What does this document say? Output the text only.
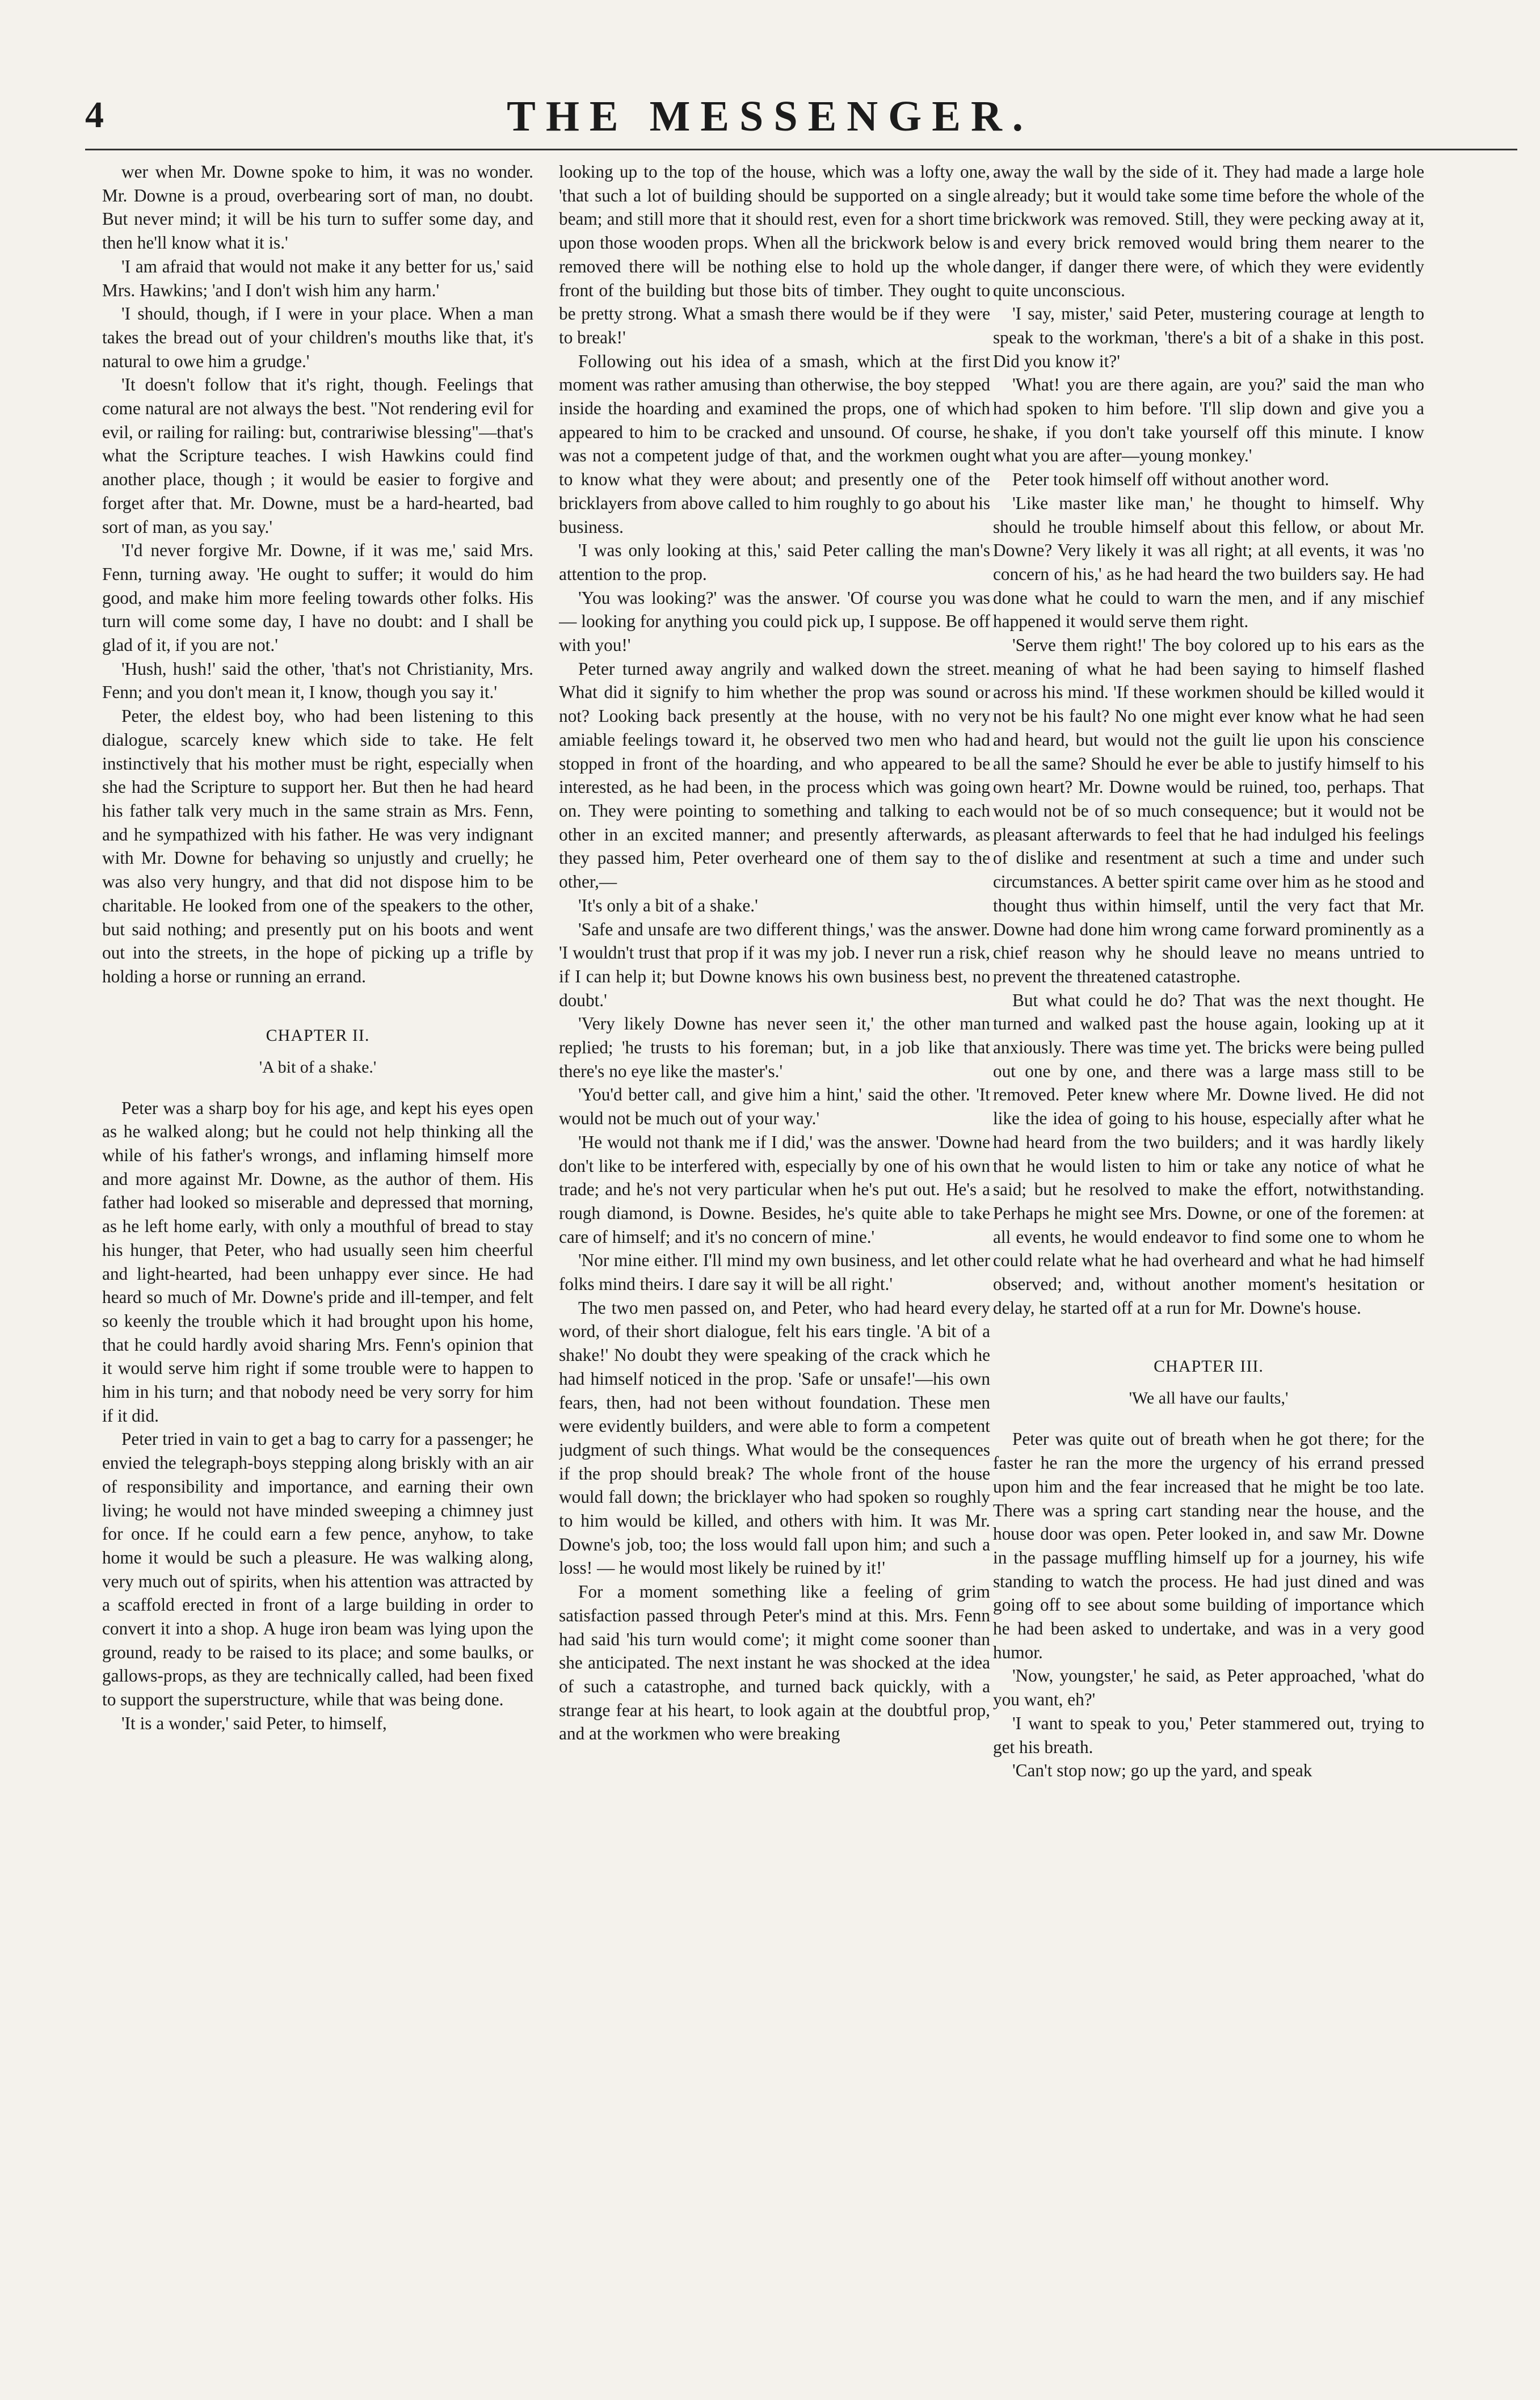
4	THE MESSENGER.

wer when Mr. Downe spoke to him, it was no wonder. Mr. Downe is a proud, overbearing sort of man, no doubt. But never mind; it will be his turn to suffer some day, and then he'll know what it is.'

'I am afraid that would not make it any better for us,' said Mrs. Hawkins; 'and I don't wish him any harm.'

'I should, though, if I were in your place. When a man takes the bread out of your children's mouths like that, it's natural to owe him a grudge.'

'It doesn't follow that it's right, though. Feelings that come natural are not always the best. "Not rendering evil for evil, or railing for railing: but, contrariwise blessing"—that's what the Scripture teaches. I wish Hawkins could find another place, though ; it would be easier to forgive and forget after that. Mr. Downe, must be a hard-hearted, bad sort of man, as you say.'

'I'd never forgive Mr. Downe, if it was me,' said Mrs. Fenn, turning away. 'He ought to suffer; it would do him good, and make him more feeling towards other folks. His turn will come some day, I have no doubt: and I shall be glad of it, if you are not.'

'Hush, hush!' said the other, 'that's not Christianity, Mrs. Fenn; and you don't mean it, I know, though you say it.'

Peter, the eldest boy, who had been listening to this dialogue, scarcely knew which side to take. He felt instinctively that his mother must be right, especially when she had the Scripture to support her. But then he had heard his father talk very much in the same strain as Mrs. Fenn, and he sympathized with his father. He was very indignant with Mr. Downe for behaving so unjustly and cruelly; he was also very hungry, and that did not dispose him to be charitable. He looked from one of the speakers to the other, but said nothing; and presently put on his boots and went out into the streets, in the hope of picking up a trifle by holding a horse or running an errand.

CHAPTER II.
'A bit of a shake.'

Peter was a sharp boy for his age, and kept his eyes open as he walked along; but he could not help thinking all the while of his father's wrongs, and inflaming himself more and more against Mr. Downe, as the author of them. His father had looked so miserable and depressed that morning, as he left home early, with only a mouthful of bread to stay his hunger, that Peter, who had usually seen him cheerful and light-hearted, had been unhappy ever since. He had heard so much of Mr. Downe's pride and ill-temper, and felt so keenly the trouble which it had brought upon his home, that he could hardly avoid sharing Mrs. Fenn's opinion that it would serve him right if some trouble were to happen to him in his turn; and that nobody need be very sorry for him if it did.

Peter tried in vain to get a bag to carry for a passenger; he envied the telegraph-boys stepping along briskly with an air of responsibility and importance, and earning their own living; he would not have minded sweeping a chimney just for once. If he could earn a few pence, anyhow, to take home it would be such a pleasure. He was walking along, very much out of spirits, when his attention was attracted by a scaffold erected in front of a large building in order to convert it into a shop. A huge iron beam was lying upon the ground, ready to be raised to its place; and some baulks, or gallows-props, as they are technically called, had been fixed to support the superstructure, while that was being done.

'It is a wonder,' said Peter, to himself,

looking up to the top of the house, which was a lofty one, 'that such a lot of building should be supported on a single beam; and still more that it should rest, even for a short time upon those wooden props. When all the brickwork below is removed there will be nothing else to hold up the whole front of the building but those bits of timber. They ought to be pretty strong. What a smash there would be if they were to break!'

Following out his idea of a smash, which at the first moment was rather amusing than otherwise, the boy stepped inside the hoarding and examined the props, one of which appeared to him to be cracked and unsound. Of course, he was not a competent judge of that, and the workmen ought to know what they were about; and presently one of the bricklayers from above called to him roughly to go about his business.

'I was only looking at this,' said Peter calling the man's attention to the prop.

'You was looking?' was the answer. 'Of course you was — looking for anything you could pick up, I suppose. Be off with you!'

Peter turned away angrily and walked down the street. What did it signify to him whether the prop was sound or not? Looking back presently at the house, with no very amiable feelings toward it, he observed two men who had stopped in front of the hoarding, and who appeared to be interested, as he had been, in the process which was going on. They were pointing to something and talking to each other in an excited manner; and presently afterwards, as they passed him, Peter overheard one of them say to the other,—

'It's only a bit of a shake.'

'Safe and unsafe are two different things,' was the answer. 'I wouldn't trust that prop if it was my job. I never run a risk, if I can help it; but Downe knows his own business best, no doubt.'

'Very likely Downe has never seen it,' the other man replied; 'he trusts to his foreman; but, in a job like that there's no eye like the master's.'

'You'd better call, and give him a hint,' said the other. 'It would not be much out of your way.'

'He would not thank me if I did,' was the answer. 'Downe don't like to be interfered with, especially by one of his own trade; and he's not very particular when he's put out. He's a rough diamond, is Downe. Besides, he's quite able to take care of himself; and it's no concern of mine.'

'Nor mine either. I'll mind my own business, and let other folks mind theirs. I dare say it will be all right.'

The two men passed on, and Peter, who had heard every word, of their short dialogue, felt his ears tingle. 'A bit of a shake!' No doubt they were speaking of the crack which he had himself noticed in the prop. 'Safe or unsafe!'—his own fears, then, had not been without foundation. These men were evidently builders, and were able to form a competent judgment of such things. What would be the consequences if the prop should break? The whole front of the house would fall down; the bricklayer who had spoken so roughly to him would be killed, and others with him. It was Mr. Downe's job, too; the loss would fall upon him; and such a loss! — he would most likely be ruined by it!'

For a moment something like a feeling of grim satisfaction passed through Peter's mind at this. Mrs. Fenn had said 'his turn would come'; it might come sooner than she anticipated. The next instant he was shocked at the idea of such a catastrophe, and turned back quickly, with a strange fear at his heart, to look again at the doubtful prop, and at the workmen who were breaking

away the wall by the side of it. They had made a large hole already; but it would take some time before the whole of the brickwork was removed. Still, they were pecking away at it, and every brick removed would bring them nearer to the danger, if danger there were, of which they were evidently quite unconscious.

'I say, mister,' said Peter, mustering courage at length to speak to the workman, 'there's a bit of a shake in this post. Did you know it?'

'What! you are there again, are you?' said the man who had spoken to him before. 'I'll slip down and give you a shake, if you don't take yourself off this minute. I know what you are after—young monkey.'

Peter took himself off without another word.

'Like master like man,' he thought to himself. Why should he trouble himself about this fellow, or about Mr. Downe? Very likely it was all right; at all events, it was 'no concern of his,' as he had heard the two builders say. He had done what he could to warn the men, and if any mischief happened it would serve them right.

'Serve them right!' The boy colored up to his ears as the meaning of what he had been saying to himself flashed across his mind. 'If these workmen should be killed would it not be his fault? No one might ever know what he had seen and heard, but would not the guilt lie upon his conscience all the same? Should he ever be able to justify himself to his own heart? Mr. Downe would be ruined, too, perhaps. That would not be of so much consequence; but it would not be pleasant afterwards to feel that he had indulged his feelings of dislike and resentment at such a time and under such circumstances. A better spirit came over him as he stood and thought thus within himself, until the very fact that Mr. Downe had done him wrong came forward prominently as a chief reason why he should leave no means untried to prevent the threatened catastrophe.

But what could he do? That was the next thought. He turned and walked past the house again, looking up at it anxiously. There was time yet. The bricks were being pulled out one by one, and there was a large mass still to be removed. Peter knew where Mr. Downe lived. He did not like the idea of going to his house, especially after what he had heard from the two builders; and it was hardly likely that he would listen to him or take any notice of what he said; but he resolved to make the effort, notwithstanding. Perhaps he might see Mrs. Downe, or one of the foremen: at all events, he would endeavor to find some one to whom he could relate what he had overheard and what he had himself observed; and, without another moment's hesitation or delay, he started off at a run for Mr. Downe's house.

CHAPTER III.
'We all have our faults,'

Peter was quite out of breath when he got there; for the faster he ran the more the urgency of his errand pressed upon him and the fear increased that he might be too late. There was a spring cart standing near the house, and the house door was open. Peter looked in, and saw Mr. Downe in the passage muffling himself up for a journey, his wife standing to watch the process. He had just dined and was going off to see about some building of importance which he had been asked to undertake, and was in a very good humor.

'Now, youngster,' he said, as Peter approached, 'what do you want, eh?'

'I want to speak to you,' Peter stammered out, trying to get his breath.

'Can't stop now; go up the yard, and speak
